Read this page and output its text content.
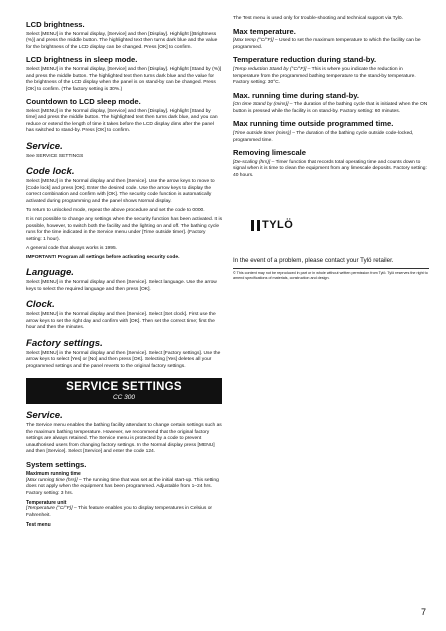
LCD brightness.

Select [MENU] in the Normal display, [Service] and then [Display]. Highlight [(Brightness (%)] and press the middle button. The highlighted text then turns dark blue and the value for the brightness of the LCD display can be changed. Press [OK] to confirm.

LCD brightness in sleep mode.

Select [MENU] in the Normal display, [Service] and then [Display]. Highlight [Stand by (%)] and press the middle button. The highlighted text then turns dark blue and the value for the brightness of the LCD display when the panel is on stand-by can be changed. Press [OK] to confirm. (The factory setting is 30%.)

Countdown to LCD sleep mode.

Select [MENU] in the Normal display, [Service] and then [Display]. Highlight [Stand by time] and press the middle button. The highlighted text then turns dark blue, and you can reduce or extend the length of time it takes before the LCD display dims after the panel has switched to stand-by. Press [OK] to confirm.

Service.

See SERVICE SETTINGS

Code lock.

Select [MENU] in the Normal display and then [Service]. Use the arrow keys to move to [Code lock] and press [OK]. Enter the desired code. Use the arrow keys to display the correct combination and confirm with [OK]. The security code function is automatically activated during programming and the panel shows Normal display.

To return to unlocked mode, repeat the above procedure and set the code to 0000.

It is not possible to change any settings when the security function has been activated. It is possible, however, to switch both the facility and the lighting on and off. The bathing cycle runs for the time indicated in the Service menu under [Time outside timer]. (Factory setting: 1 hour).

A general code that always works is 1995.

IMPORTANT! Program all settings before activating security code.

Language.

Select [MENU] in the Normal display and then [Service]. Select language. Use the arrow keys to select the required language and then press [OK].

Clock.

Select [MENU] in the Normal display and then [Service]. Select [Set clock]. First use the arrow keys to set the right day and confirm with [OK]. Then set the correct time; first the hour and then the minutes.

Factory settings.

Select [MENU] in the Normal display and then [Service]. Select [Factory settings]. Use the arrow keys to select [Yes] or [No] and then press [OK]. Selecting [Yes] deletes all your programmed settings and the panel reverts to the original factory settings.

SERVICE SETTINGS
CC 300
Service.

The Service menu enables the bathing facility attendant to change certain settings such as the maximum bathing temperature. However, we recommend that the original factory settings are always retained. The Service menu is protected by a code to prevent unauthorised users from changing factory settings. In the Normal display press [MENU] and then [Service]. Select [Service] and enter the code 124.

System settings.

Maximum running time

[Max running time (hrs)] – The running time that was set at the initial start-up. This setting does not apply when the equipment has been programmed. Adjustable from 1–24 hrs. Factory setting: 3 hrs.

Temperature unit

[Temperature (°C/°F)] – This feature enables you to display temperatures in Celsius or Fahrenheit.

Test menu

The Test menu is used only for trouble-shooting and technical support via Tylö.

Max temperature.

[Max temp (°C/°F)] – Used to set the maximum temperature to which the facility can be programmed.

Temperature reduction during stand-by.

[Temp reduction Stand by (°C/°F)] – This is where you indicate the reduction in temperature from the programmed bathing temperature to the stand-by temperature. Factory setting: 30°C.

Max. running time during stand-by.

[On time Stand by (mins)] – The duration of the bathing cycle that is initiated when the ON button is pressed while the facility is on stand-by. Factory setting: 60 minutes.

Max running time outside programmed time.

[Time outside timer (mins)] – The duration of the bathing cycle outside code-locked, programmed time.

Removing limescale

[De-scaling (hrs)] – Timer function that records total operating time and counts down to signal when it is time to clean the equipment from any limescale deposits. Factory setting: 40 hours.

TYLÖ

In the event of a problem, please contact your Tylö retailer.

© This content may not be reproduced in part or in whole without written permission from Tylö. Tylö reserves the right to amend specifications of materials, construction and design.

7
